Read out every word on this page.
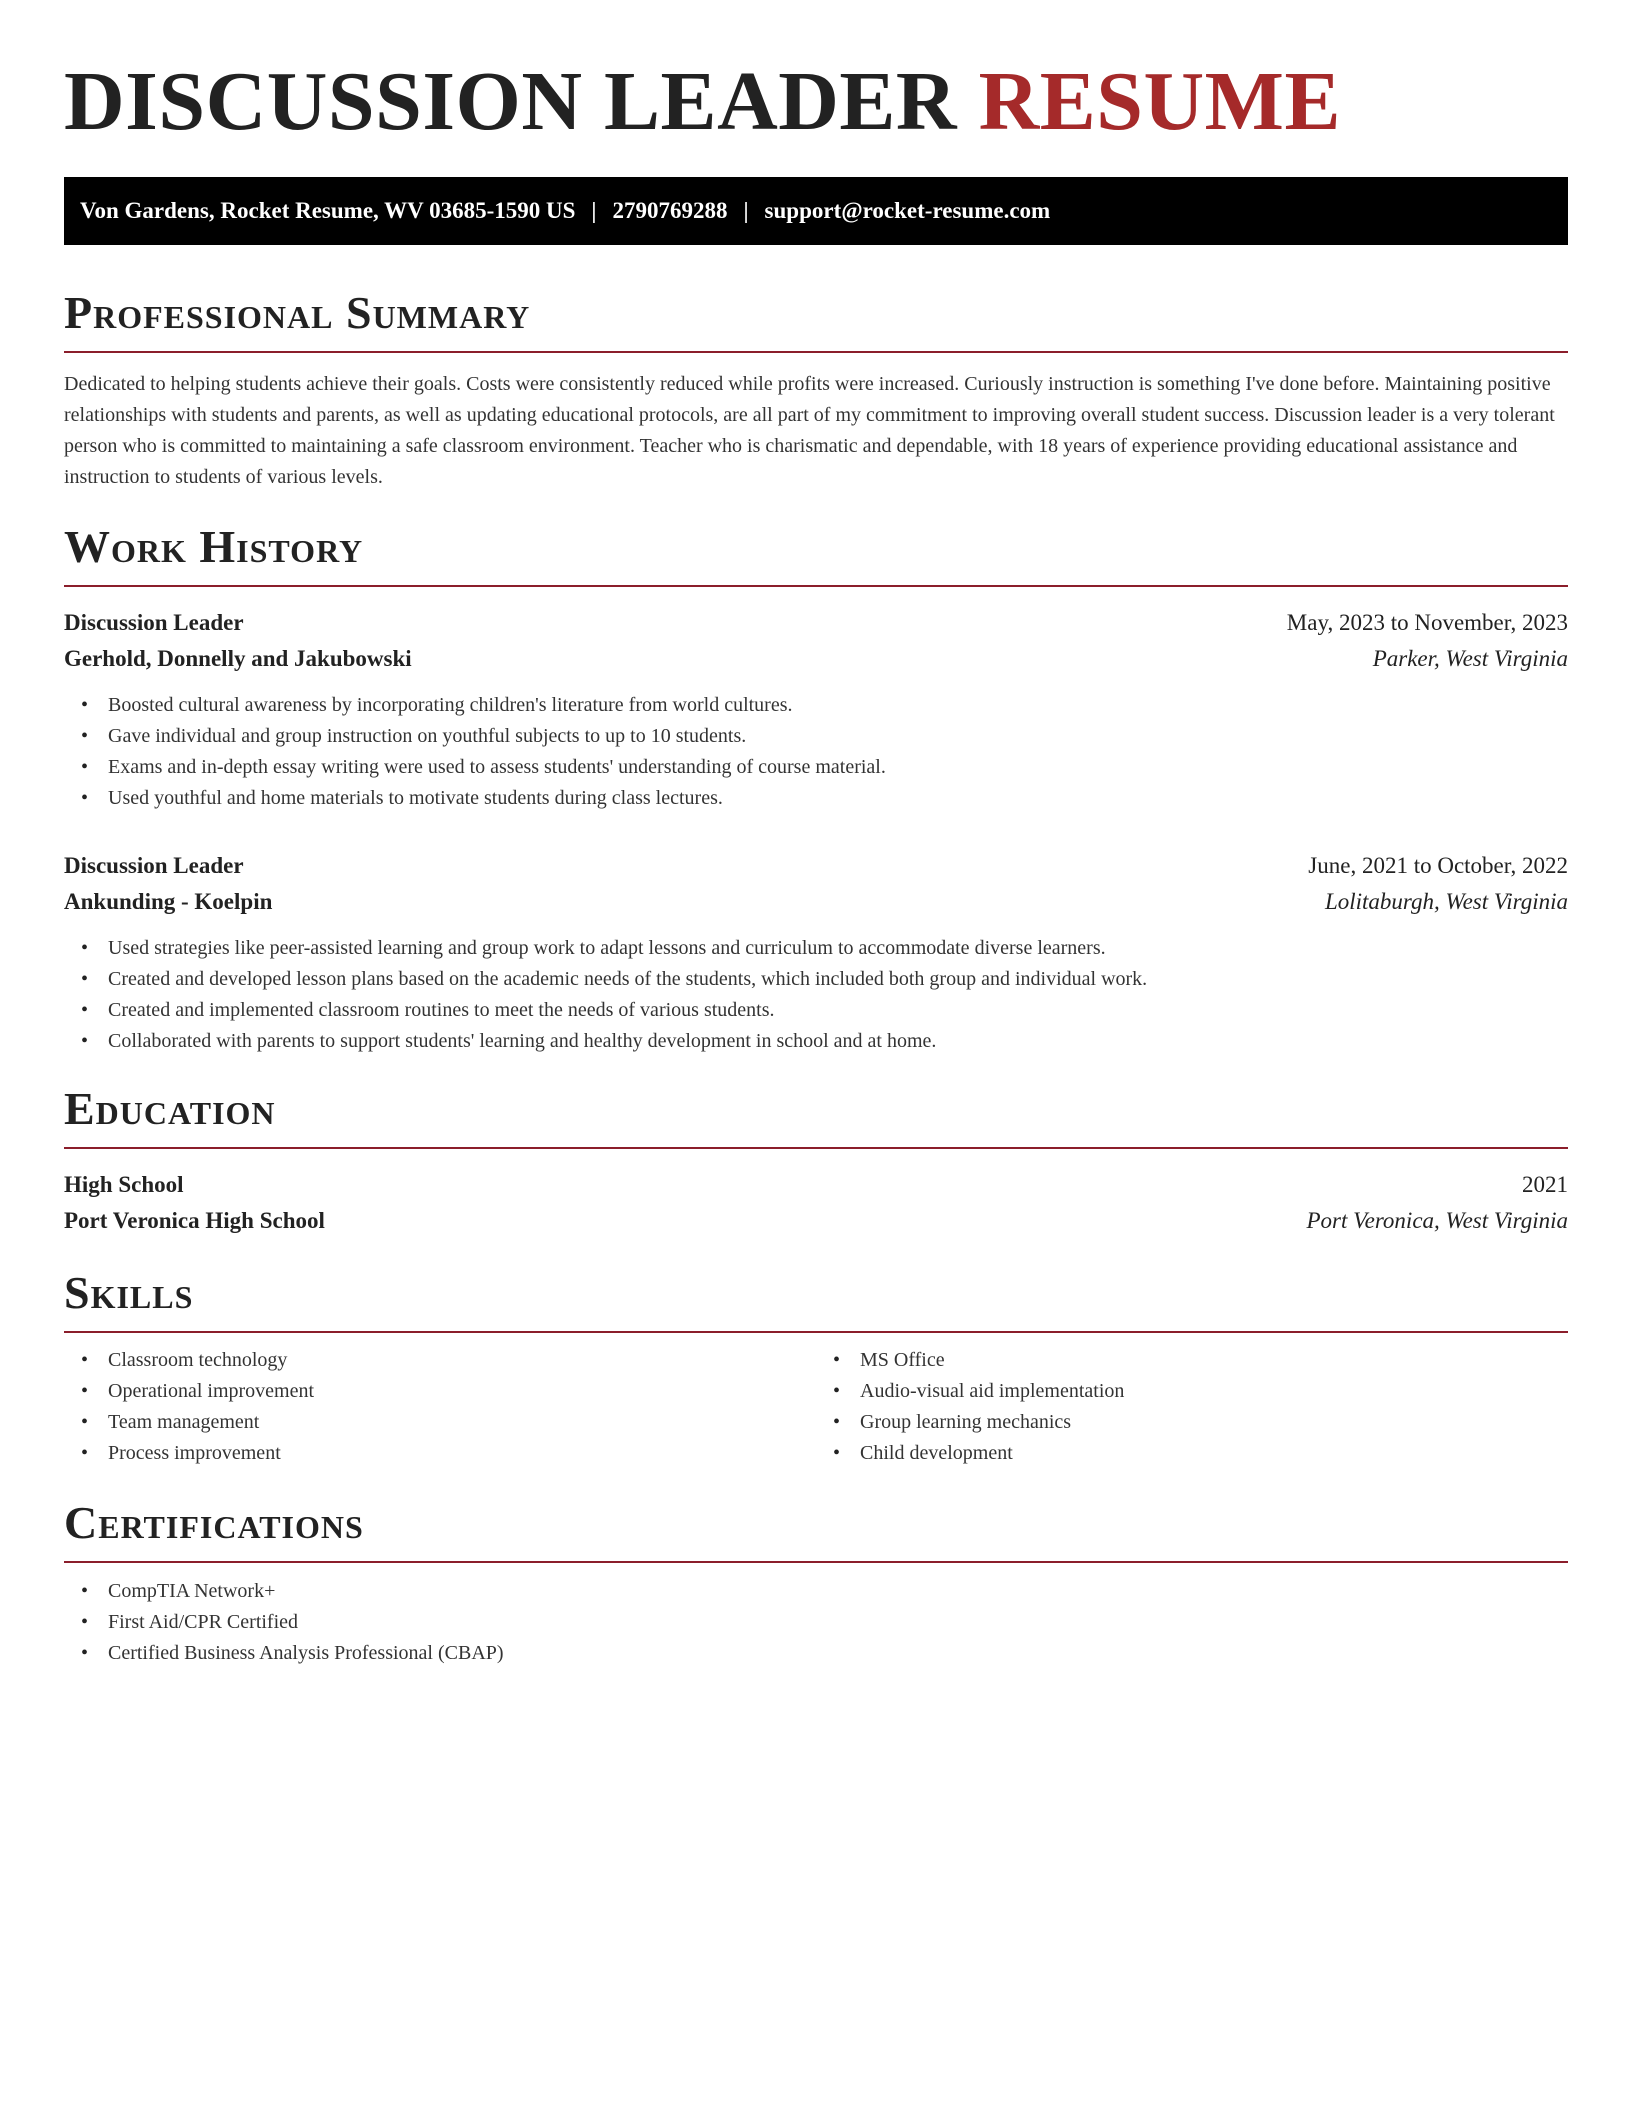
DISCUSSION LEADER RESUME
Von Gardens, Rocket Resume, WV 03685-1590 US | 2790769288 | support@rocket-resume.com
Professional Summary

Dedicated to helping students achieve their goals. Costs were consistently reduced while profits were increased. Curiously instruction is something I've done before. Maintaining positive relationships with students and parents, as well as updating educational protocols, are all part of my commitment to improving overall student success. Discussion leader is a very tolerant person who is committed to maintaining a safe classroom environment. Teacher who is charismatic and dependable, with 18 years of experience providing educational assistance and instruction to students of various levels.

Work History
Discussion Leader	May, 2023 to November, 2023
Gerhold, Donnelly and Jakubowski	Parker, West Virginia
• Boosted cultural awareness by incorporating children's literature from world cultures.
• Gave individual and group instruction on youthful subjects to up to 10 students.
• Exams and in-depth essay writing were used to assess students' understanding of course material.
• Used youthful and home materials to motivate students during class lectures.
Discussion Leader	June, 2021 to October, 2022
Ankunding - Koelpin	Lolitaburgh, West Virginia
• Used strategies like peer-assisted learning and group work to adapt lessons and curriculum to accommodate diverse learners.
• Created and developed lesson plans based on the academic needs of the students, which included both group and individual work.
• Created and implemented classroom routines to meet the needs of various students.
• Collaborated with parents to support students' learning and healthy development in school and at home.
Education
High School	2021
Port Veronica High School	Port Veronica, West Virginia
Skills
• Classroom technology
• Operational improvement
• Team management
• Process improvement
• MS Office
• Audio-visual aid implementation
• Group learning mechanics
• Child development
Certifications
• CompTIA Network+
• First Aid/CPR Certified
• Certified Business Analysis Professional (CBAP)
